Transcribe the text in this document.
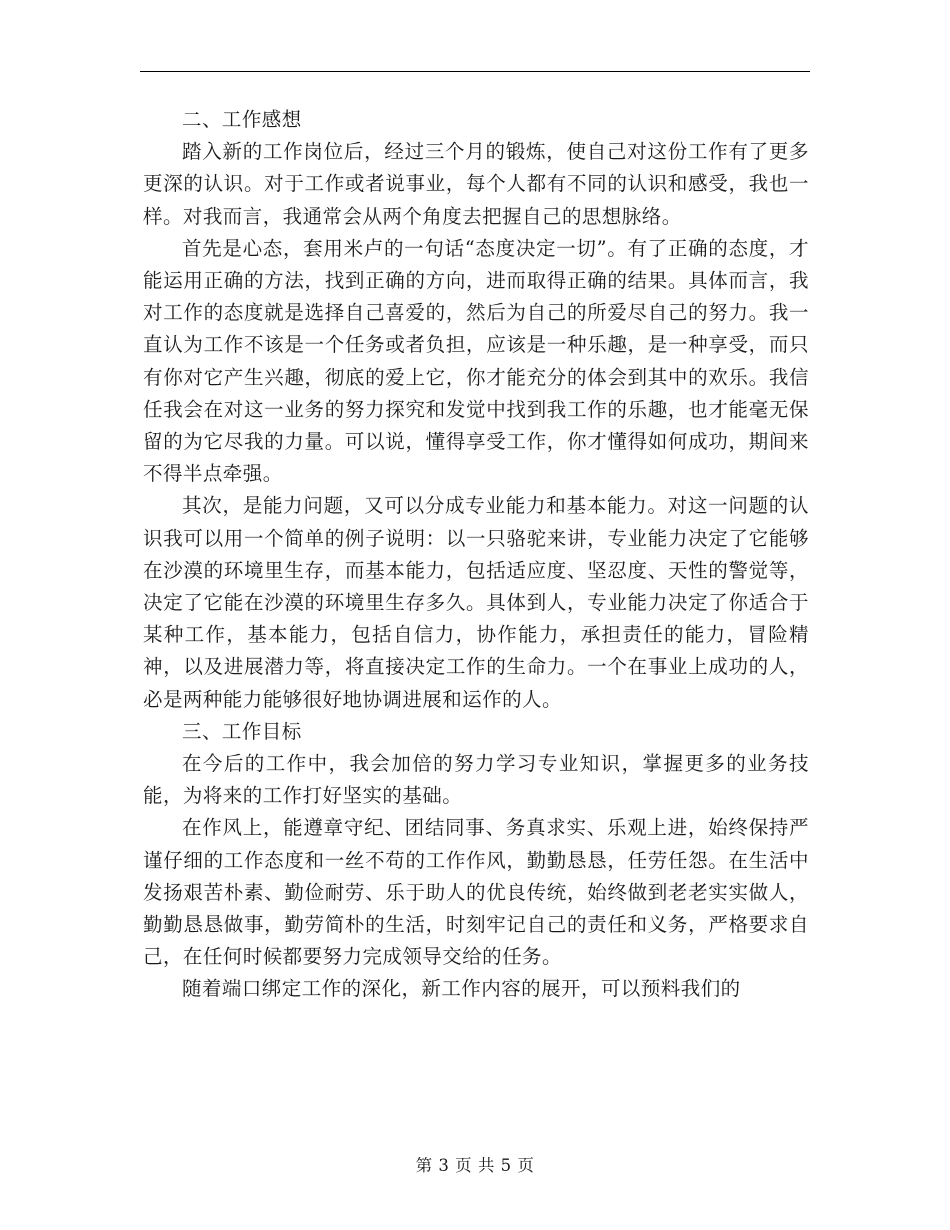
二、工作感想

踏入新的工作岗位后，经过三个月的锻炼，使自己对这份工作有了更多更深的认识。对于工作或者说事业，每个人都有不同的认识和感受，我也一样。对我而言，我通常会从两个角度去把握自己的思想脉络。

首先是心态，套用米卢的一句话“态度决定一切”。有了正确的态度，才能运用正确的方法，找到正确的方向，进而取得正确的结果。具体而言，我对工作的态度就是选择自己喜爱的，然后为自己的所爱尽自己的努力。我一直认为工作不该是一个任务或者负担，应该是一种乐趣，是一种享受，而只有你对它产生兴趣，彻底的爱上它，你才能充分的体会到其中的欢乐。我信任我会在对这一业务的努力探究和发觉中找到我工作的乐趣，也才能毫无保留的为它尽我的力量。可以说，懂得享受工作，你才懂得如何成功，期间来不得半点牵强。

其次，是能力问题，又可以分成专业能力和基本能力。对这一问题的认识我可以用一个简单的例子说明：以一只骆驼来讲，专业能力决定了它能够在沙漠的环境里生存，而基本能力，包括适应度、坚忍度、天性的警觉等，决定了它能在沙漠的环境里生存多久。具体到人，专业能力决定了你适合于某种工作，基本能力，包括自信力，协作能力，承担责任的能力，冒险精神，以及进展潜力等，将直接决定工作的生命力。一个在事业上成功的人，必是两种能力能够很好地协调进展和运作的人。

三、工作目标

在今后的工作中，我会加倍的努力学习专业知识，掌握更多的业务技能，为将来的工作打好坚实的基础。

在作风上，能遵章守纪、团结同事、务真求实、乐观上进，始终保持严谨仔细的工作态度和一丝不苟的工作作风，勤勤恳恳，任劳任怨。在生活中发扬艰苦朴素、勤俭耐劳、乐于助人的优良传统，始终做到老老实实做人，勤勤恳恳做事，勤劳简朴的生活，时刻牢记自己的责任和义务，严格要求自己，在任何时候都要努力完成领导交给的任务。

随着端口绑定工作的深化，新工作内容的展开，可以预料我们的

第 3 页 共 5 页
